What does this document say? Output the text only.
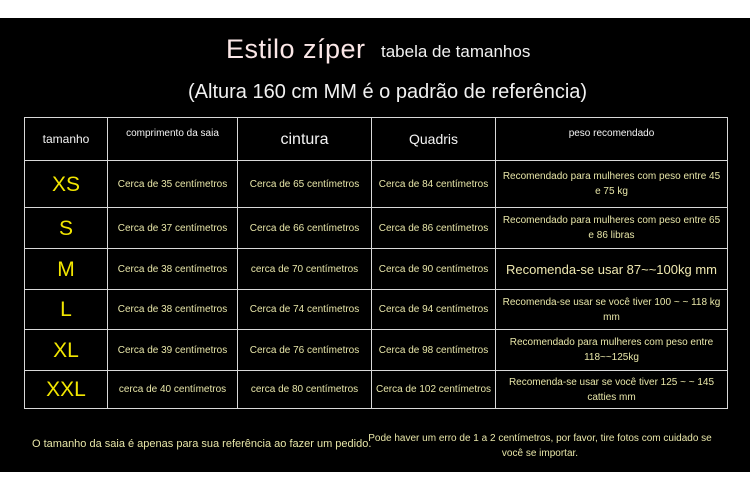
Estilo zíper tabela de tamanhos
(Altura 160 cm MM é o padrão de referência)
tamanho	comprimento da saia	cintura	Quadris	peso recomendado
XS	Cerca de 35 centímetros	Cerca de 65 centímetros	Cerca de 84 centímetros	Recomendado para mulheres com peso entre 45 e 75 kg
S	Cerca de 37 centímetros	Cerca de 66 centímetros	Cerca de 86 centímetros	Recomendado para mulheres com peso entre 65 e 86 libras
M	Cerca de 38 centímetros	cerca de 70 centímetros	Cerca de 90 centímetros	Recomenda-se usar 87~~100kg mm
L	Cerca de 38 centímetros	Cerca de 74 centímetros	Cerca de 94 centímetros	Recomenda-se usar se você tiver 100 ~ ~ 118 kg mm
XL	Cerca de 39 centímetros	Cerca de 76 centímetros	Cerca de 98 centímetros	Recomendado para mulheres com peso entre 118~~125kg
XXL	cerca de 40 centímetros	cerca de 80 centímetros	Cerca de 102 centímetros	Recomenda-se usar se você tiver 125 ~ ~ 145 catties mm
O tamanho da saia é apenas para sua referência ao fazer um pedido.
Pode haver um erro de 1 a 2 centímetros, por favor, tire fotos com cuidado se você se importar.
